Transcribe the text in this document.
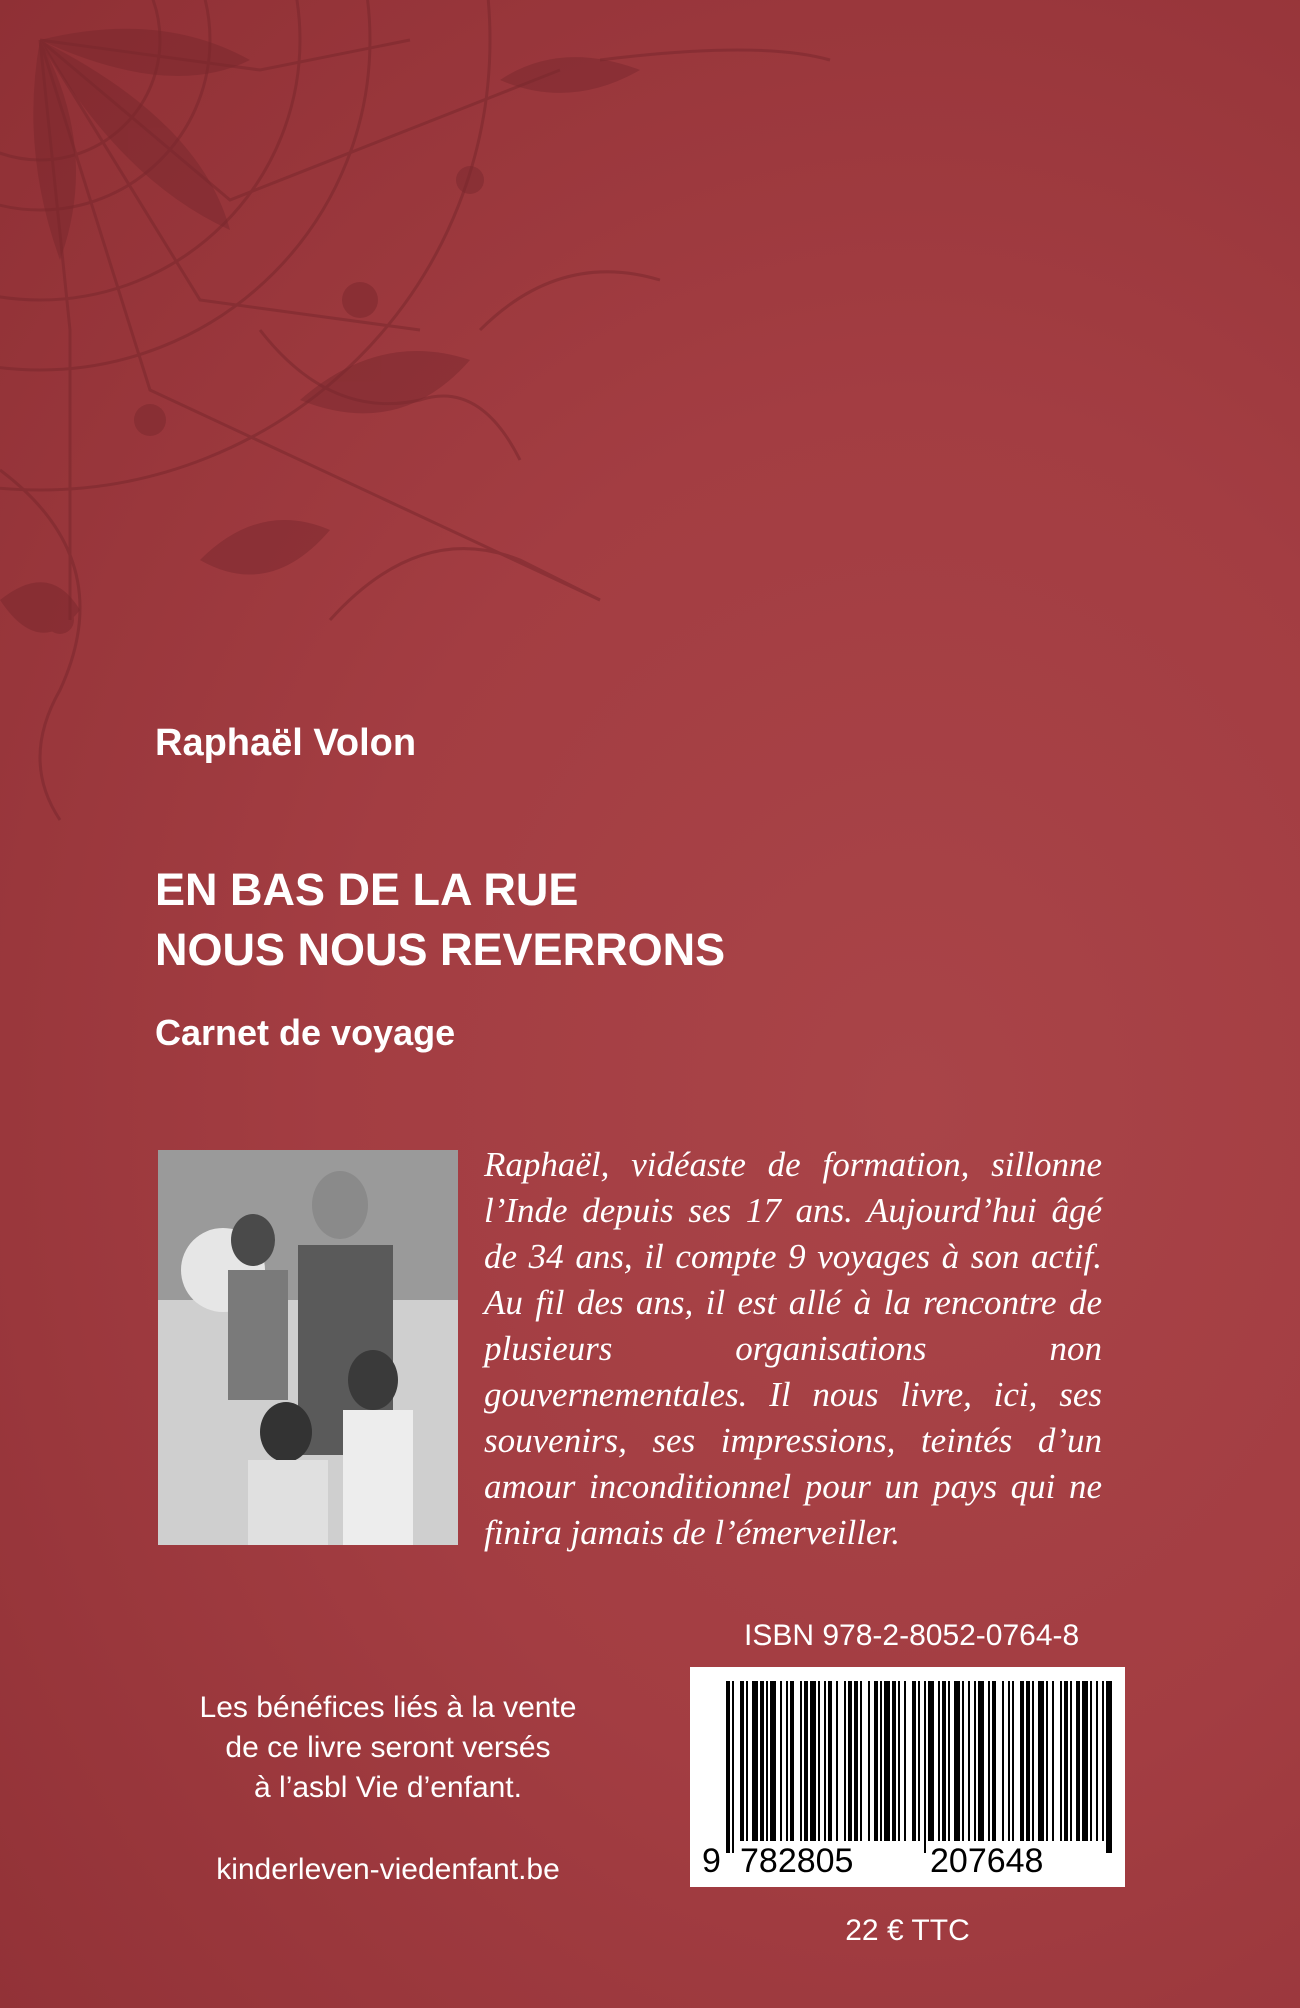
Raphaël Volon
EN BAS DE LA RUE
NOUS NOUS REVERRONS
Carnet de voyage
Raphaël, vidéaste de formation, sillonne l’Inde depuis ses 17 ans. Aujourd’hui âgé de 34 ans, il compte 9 voyages à son actif. Au fil des ans, il est allé à la rencontre de plusieurs organisations non gouvernementales. Il nous livre, ici, ses souvenirs, ses impressions, teintés d’un amour inconditionnel pour un pays qui ne finira jamais de l’émerveiller.
ISBN 978-2-8052-0764-8
9 782805 207648
Les bénéfices liés à la vente
de ce livre seront versés
à l’asbl Vie d’enfant.
kinderleven-viedenfant.be
22 € TTC
